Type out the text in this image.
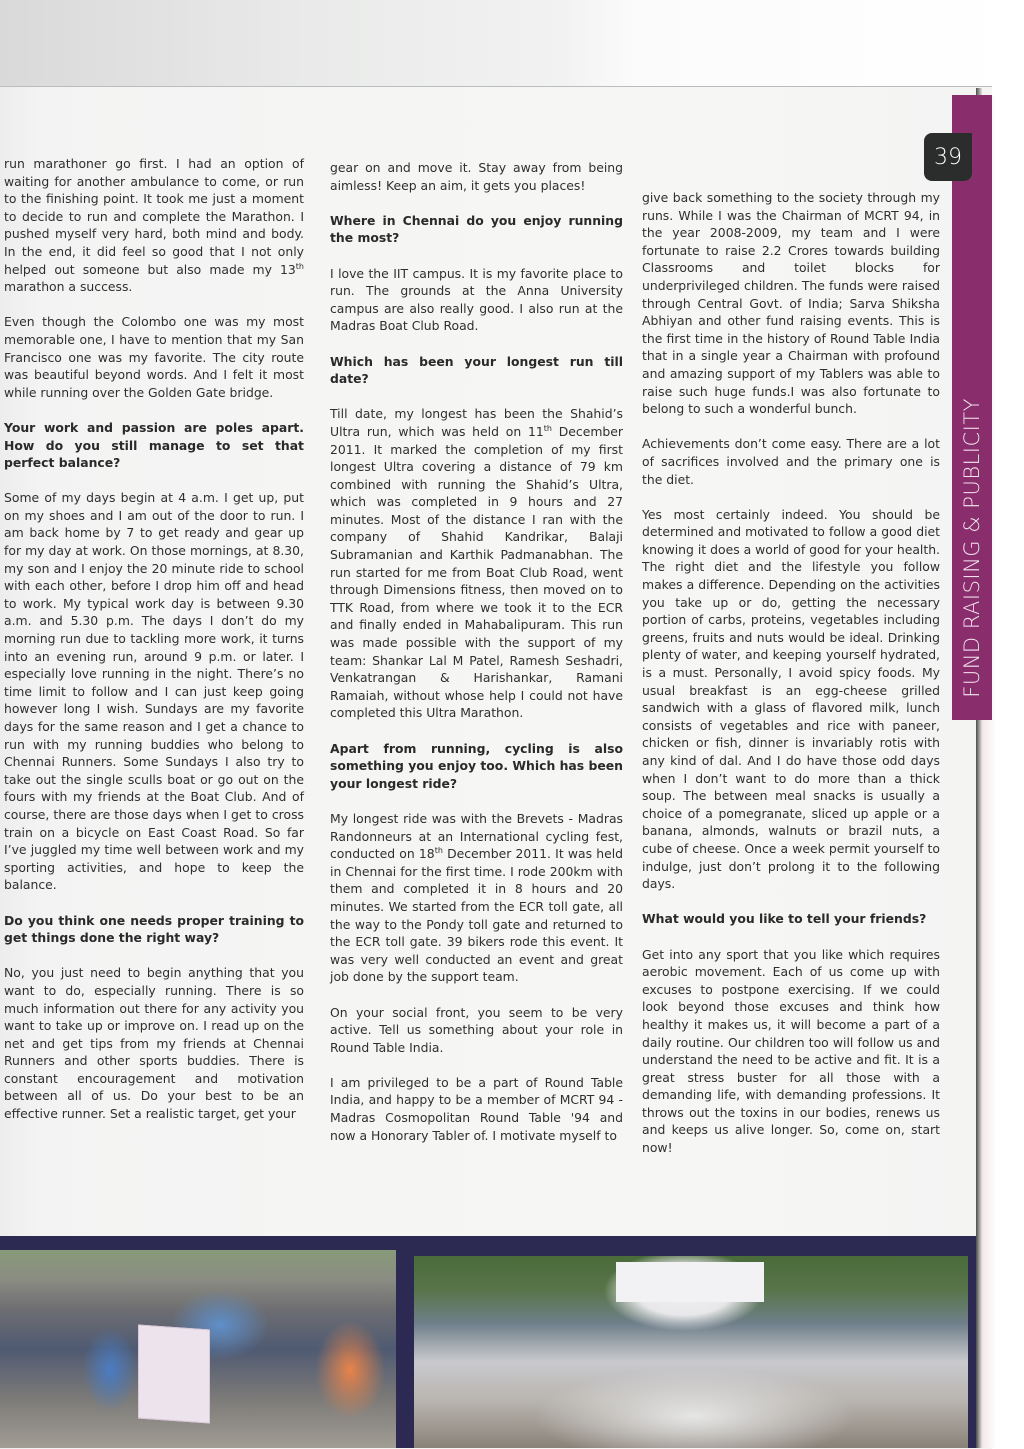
FUND RAISING & PUBLICITY
39

run marathoner go first. I had an option of waiting for another ambulance to come, or run to the finishing point. It took me just a moment to decide to run and complete the Marathon. I pushed myself very hard, both mind and body. In the end, it did feel so good that I not only helped out someone but also made my 13th marathon a success.

Even though the Colombo one was my most memorable one, I have to mention that my San Francisco one was my favorite. The city route was beautiful beyond words. And I felt it most while running over the Golden Gate bridge.

Your work and passion are poles apart. How do you still manage to set that perfect balance?

Some of my days begin at 4 a.m. I get up, put on my shoes and I am out of the door to run. I am back home by 7 to get ready and gear up for my day at work. On those mornings, at 8.30, my son and I enjoy the 20 minute ride to school with each other, before I drop him off and head to work. My typical work day is between 9.30 a.m. and 5.30 p.m. The days I don’t do my morning run due to tackling more work, it turns into an evening run, around 9 p.m. or later. I especially love running in the night. There’s no time limit to follow and I can just keep going however long I wish. Sundays are my favorite days for the same reason and I get a chance to run with my running buddies who belong to Chennai Runners. Some Sundays I also try to take out the single sculls boat or go out on the fours with my friends at the Boat Club. And of course, there are those days when I get to cross train on a bicycle on East Coast Road. So far I’ve juggled my time well between work and my sporting activities, and hope to keep the balance.

Do you think one needs proper training to get things done the right way?

No, you just need to begin anything that you want to do, especially running. There is so much information out there for any activity you want to take up or improve on. I read up on the net and get tips from my friends at Chennai Runners and other sports buddies. There is constant encouragement and motivation between all of us. Do your best to be an effective runner. Set a realistic target, get your

gear on and move it. Stay away from being aimless! Keep an aim, it gets you places!

Where in Chennai do you enjoy running the most?

I love the IIT campus. It is my favorite place to run. The grounds at the Anna University campus are also really good. I also run at the Madras Boat Club Road.

Which has been your longest run till date?

Till date, my longest has been the Shahid’s Ultra run, which was held on 11th December 2011. It marked the completion of my first longest Ultra covering a distance of 79 km combined with running the Shahid’s Ultra, which was completed in 9 hours and 27 minutes. Most of the distance I ran with the company of Shahid Kandrikar, Balaji Subramanian and Karthik Padmanabhan. The run started for me from Boat Club Road, went through Dimensions fitness, then moved on to TTK Road, from where we took it to the ECR and finally ended in Mahabalipuram. This run was made possible with the support of my team: Shankar Lal M Patel, Ramesh Seshadri, Venkatrangan & Harishankar, Ramani Ramaiah, without whose help I could not have completed this Ultra Marathon.

Apart from running, cycling is also something you enjoy too. Which has been your longest ride?

My longest ride was with the Brevets - Madras Randonneurs at an International cycling fest, conducted on 18th December 2011. It was held in Chennai for the first time. I rode 200km with them and completed it in 8 hours and 20 minutes. We started from the ECR toll gate, all the way to the Pondy toll gate and returned to the ECR toll gate. 39 bikers rode this event. It was very well conducted an event and great job done by the support team.

On your social front, you seem to be very active. Tell us something about your role in Round Table India.

I am privileged to be a part of Round Table India, and happy to be a member of MCRT 94 - Madras Cosmopolitan Round Table '94 and now a Honorary Tabler of. I motivate myself to

give back something to the society through my runs. While I was the Chairman of MCRT 94, in the year 2008-2009, my team and I were fortunate to raise 2.2 Crores towards building Classrooms and toilet blocks for underprivileged children. The funds were raised through Central Govt. of India; Sarva Shiksha Abhiyan and other fund raising events. This is the first time in the history of Round Table India that in a single year a Chairman with profound and amazing support of my Tablers was able to raise such huge funds.I was also fortunate to belong to such a wonderful bunch.

Achievements don’t come easy. There are a lot of sacrifices involved and the primary one is the diet.

Yes most certainly indeed. You should be determined and motivated to follow a good diet knowing it does a world of good for your health. The right diet and the lifestyle you follow makes a difference. Depending on the activities you take up or do, getting the necessary portion of carbs, proteins, vegetables including greens, fruits and nuts would be ideal. Drinking plenty of water, and keeping yourself hydrated, is a must. Personally, I avoid spicy foods. My usual breakfast is an egg-cheese grilled sandwich with a glass of flavored milk, lunch consists of vegetables and rice with paneer, chicken or fish, dinner is invariably rotis with any kind of dal. And I do have those odd days when I don’t want to do more than a thick soup. The between meal snacks is usually a choice of a pomegranate, sliced up apple or a banana, almonds, walnuts or brazil nuts, a cube of cheese. Once a week permit yourself to indulge, just don’t prolong it to the following days.

What would you like to tell your friends?

Get into any sport that you like which requires aerobic movement. Each of us come up with excuses to postpone exercising. If we could look beyond those excuses and think how healthy it makes us, it will become a part of a daily routine. Our children too will follow us and understand the need to be active and fit. It is a great stress buster for all those with a demanding life, with demanding professions. It throws out the toxins in our bodies, renews us and keeps us alive longer. So, come on, start now!
